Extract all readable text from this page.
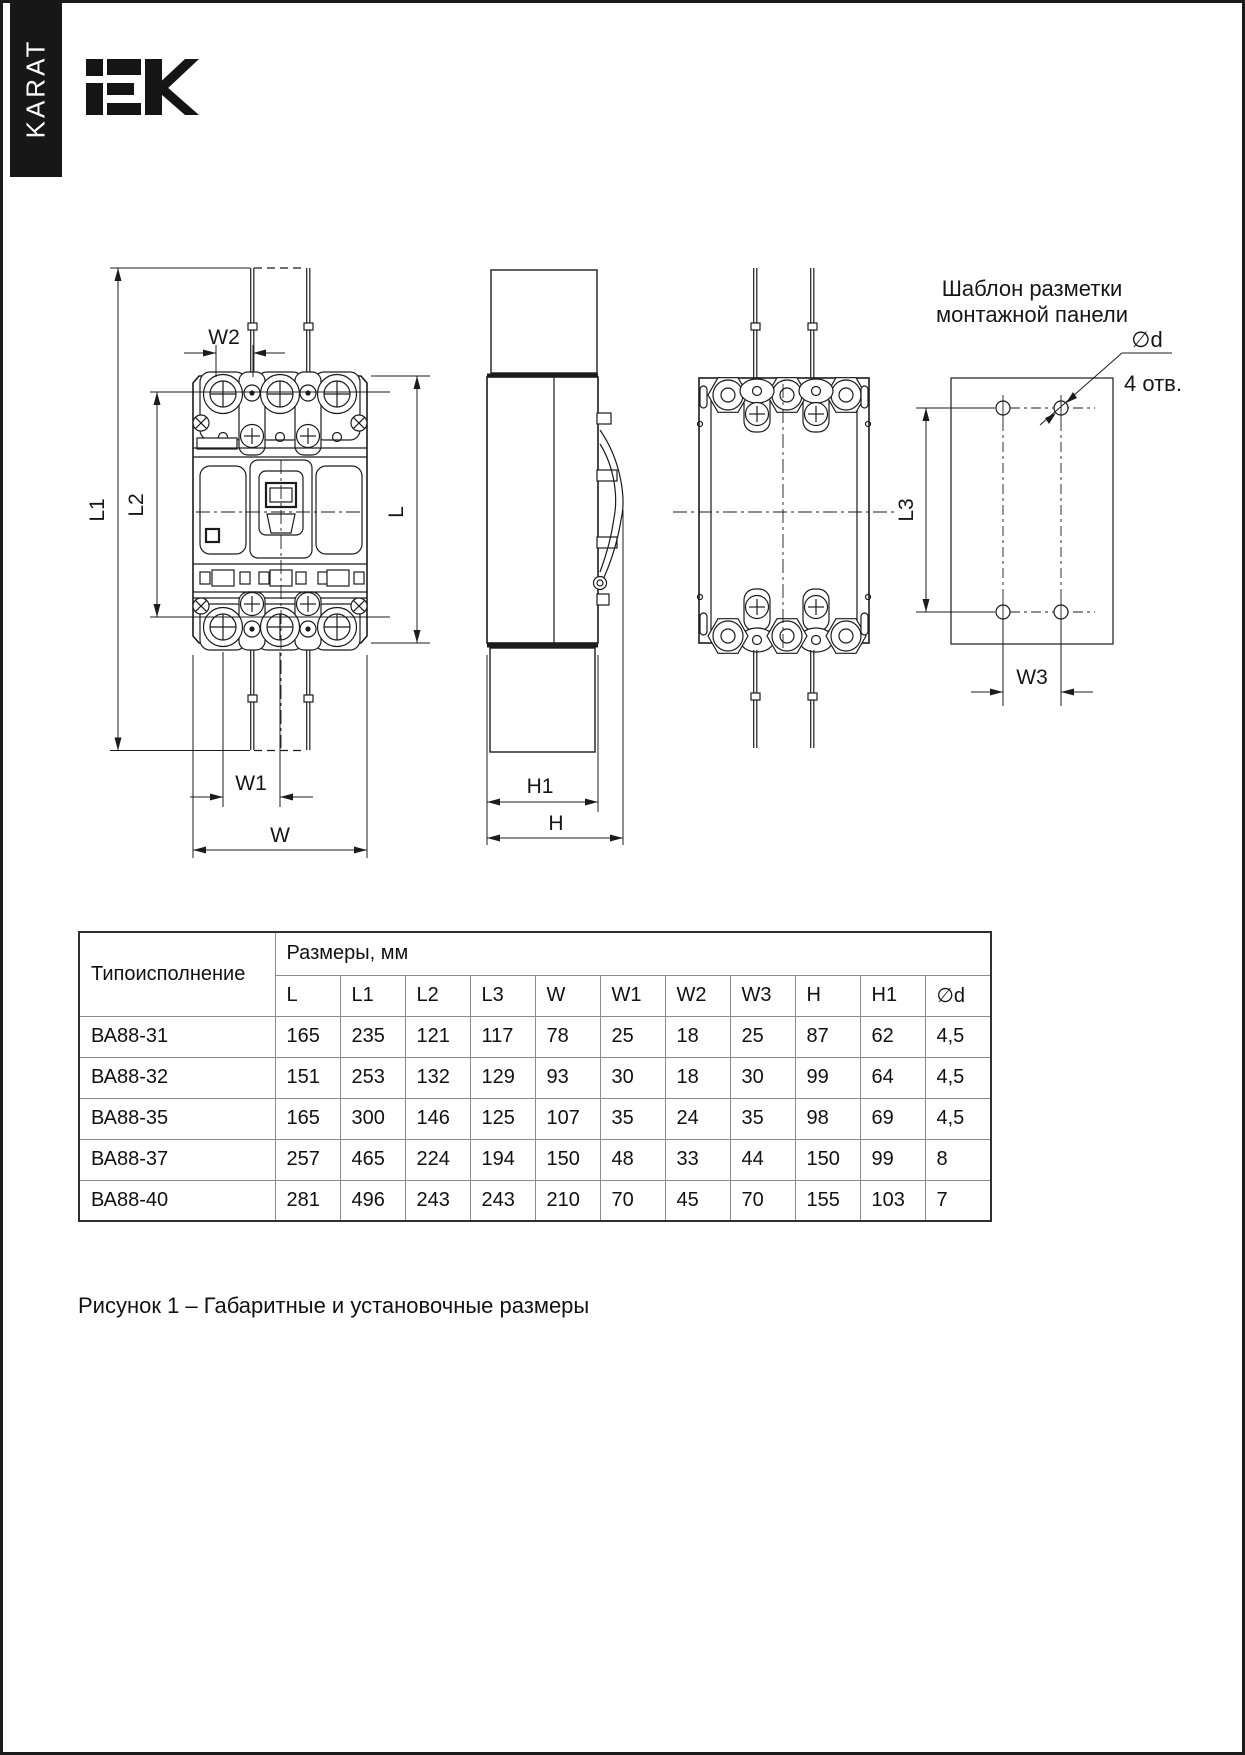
KARAT
W2
L1 L2	L
W1
W
H1
H
Шаблон разметки
монтажной панели
∅d
4 отв.
L3
W3
Типоисполнение	Размеры, мм										
	L	L1	L2	L3	W	W1	W2	W3	H	H1	∅d
ВА88-31	165	235	121	117	78	25	18	25	87	62	4,5
ВА88-32	151	253	132	129	93	30	18	30	99	64	4,5
ВА88-35	165	300	146	125	107	35	24	35	98	69	4,5
ВА88-37	257	465	224	194	150	48	33	44	150	99	8
ВА88-40	281	496	243	243	210	70	45	70	155	103	7
Рисунок 1 – Габаритные и установочные размеры
